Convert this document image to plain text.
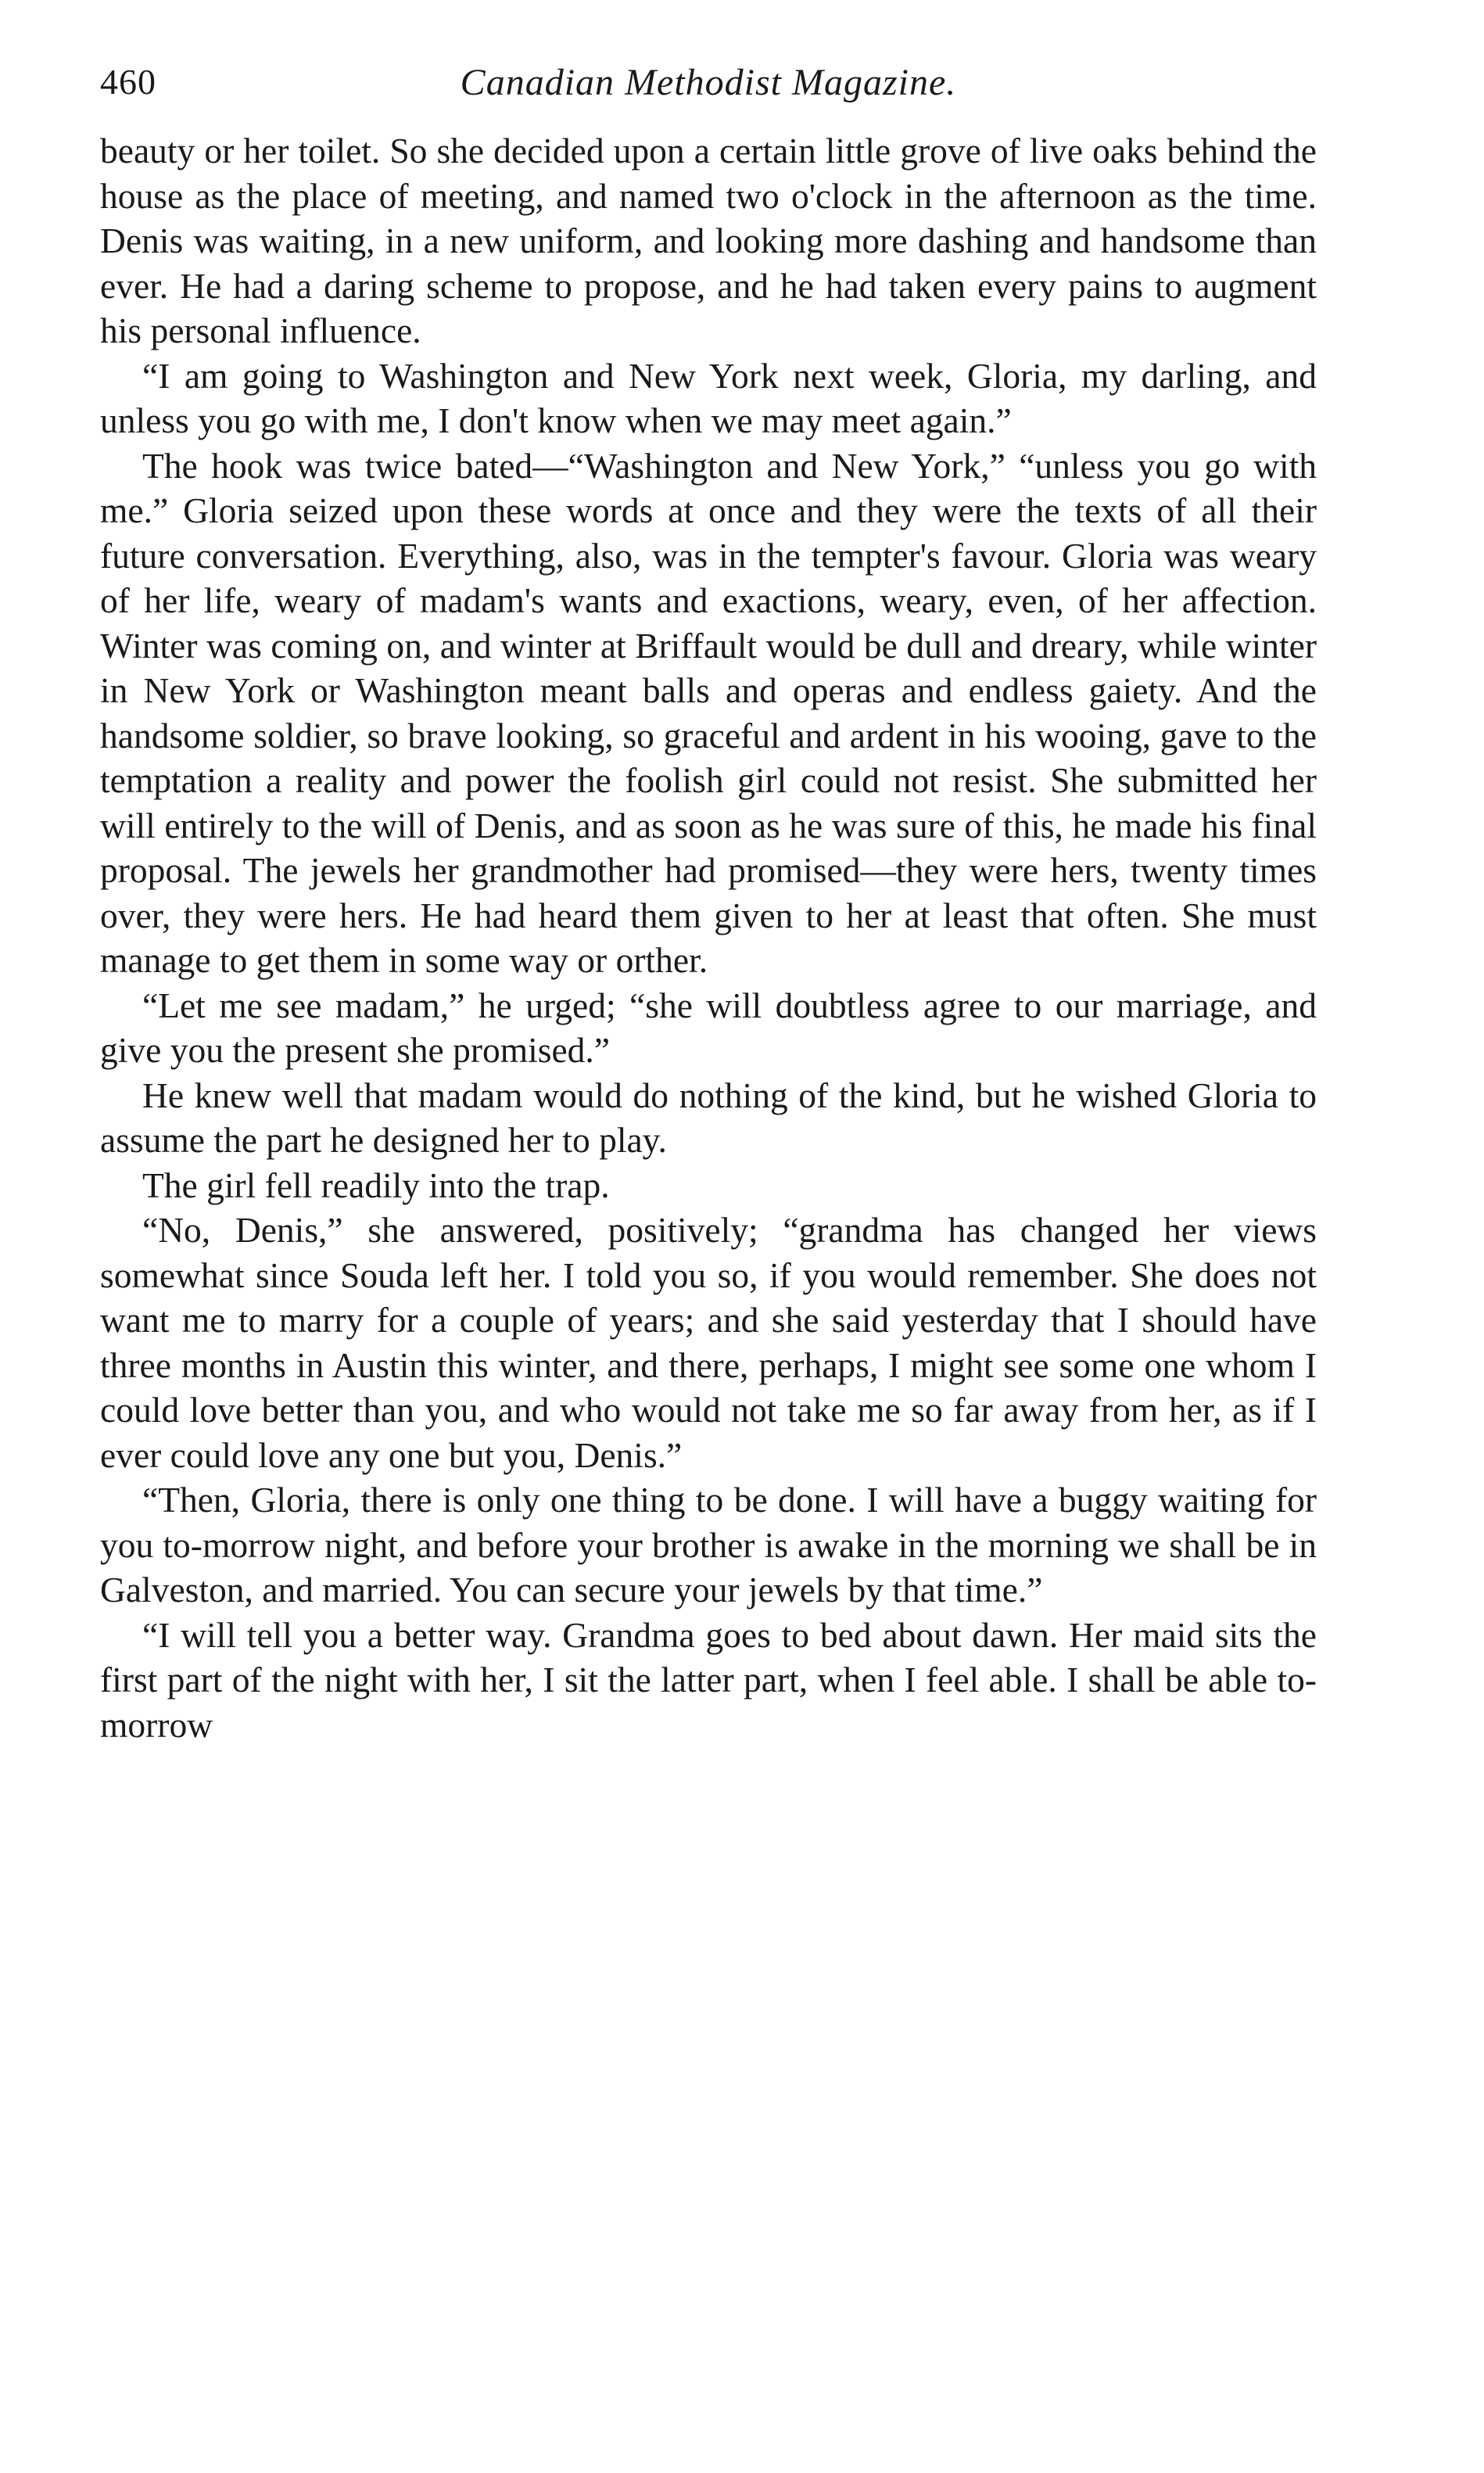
460	Canadian Methodist Magazine.

beauty or her toilet. So she decided upon a certain little grove of live oaks behind the house as the place of meeting, and named two o'clock in the afternoon as the time. Denis was waiting, in a new uniform, and looking more dashing and handsome than ever. He had a daring scheme to propose, and he had taken every pains to augment his personal influence.

“I am going to Washington and New York next week, Gloria, my darling, and unless you go with me, I don't know when we may meet again.”

The hook was twice bated—“Washington and New York,” “unless you go with me.” Gloria seized upon these words at once and they were the texts of all their future conversation. Everything, also, was in the tempter's favour. Gloria was weary of her life, weary of madam's wants and exactions, weary, even, of her affection. Winter was coming on, and winter at Briffault would be dull and dreary, while winter in New York or Washington meant balls and operas and endless gaiety. And the handsome soldier, so brave looking, so graceful and ardent in his wooing, gave to the temptation a reality and power the foolish girl could not resist. She submitted her will entirely to the will of Denis, and as soon as he was sure of this, he made his final proposal. The jewels her grandmother had promised—they were hers, twenty times over, they were hers. He had heard them given to her at least that often. She must manage to get them in some way or orther.

“Let me see madam,” he urged; “she will doubtless agree to our marriage, and give you the present she promised.”

He knew well that madam would do nothing of the kind, but he wished Gloria to assume the part he designed her to play.

The girl fell readily into the trap.

“No, Denis,” she answered, positively; “grandma has changed her views somewhat since Souda left her. I told you so, if you would remember. She does not want me to marry for a couple of years; and she said yesterday that I should have three months in Austin this winter, and there, perhaps, I might see some one whom I could love better than you, and who would not take me so far away from her, as if I ever could love any one but you, Denis.”

“Then, Gloria, there is only one thing to be done. I will have a buggy waiting for you to-morrow night, and before your brother is awake in the morning we shall be in Galveston, and married. You can secure your jewels by that time.”

“I will tell you a better way. Grandma goes to bed about dawn. Her maid sits the first part of the night with her, I sit the latter part, when I feel able. I shall be able to-morrow
